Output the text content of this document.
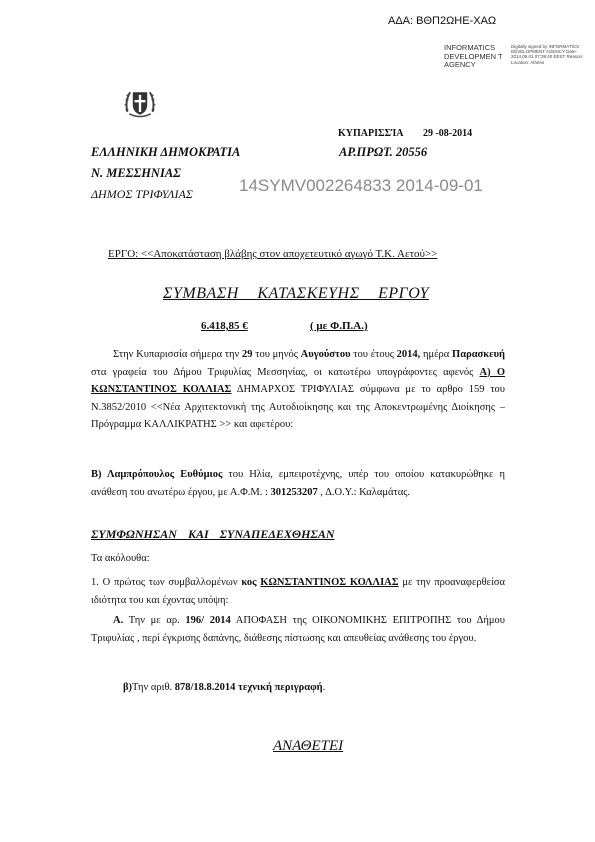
ΑΔΑ: ΒΘΠ2ΩΗΕ-ΧΑΩ
INFORMATICS DEVELOPMEN T AGENCY
Digitally signed by INFORMATICS DEVELOPMENT AGENCY Date: 2014.09.01 07:39:40 EEST Reason: Location: Athens
ΚΥΠΑΡΙΣΣΊΑ        29 -08-2014
ΕΛΛΗΝΙΚΗ ΔΗΜΟΚΡΑΤΙΑ	ΑΡ.ΠΡΩΤ. 20556
Ν. ΜΕΣΣΗΝΙΑΣ
ΔΗΜΟΣ ΤΡΙΦΥΛΙΑΣ	14SYMV002264833 2014-09-01
ΕΡΓΟ: <<Αποκατάσταση βλάβης στον αποχετευτικό αγωγό Τ.Κ. Αετού>>
ΣΥΜΒΑΣΗ ΚΑΤΑΣΚΕΥΗΣ ΕΡΓΟΥ
6.418,85 €	( με Φ.Π.Α.)

Στην Κυπαρισσία σήμερα την 29 του μηνός Αυγούστου του έτους 2014, ημέρα Παρασκευή στα γραφεία του Δήμου Τριφυλίας Μεσσηνίας, οι κατωτέρω υπογράφοντες αφενός Α) Ο ΚΩΝΣΤΑΝΤΙΝΟΣ ΚΟΛΛΙΑΣ ΔΗΜΑΡΧΟΣ ΤΡΙΦΥΛΙΑΣ σύμφωνα με το αρθρο 159 του Ν.3852/2010 <<Νέα Αρχιτεκτονική της Αυτοδιοίκησης και της Αποκεντρωμένης Διοίκησης –Πρόγραμμα ΚΑΛΛΙΚΡΑΤΗΣ >> και αφετέρου:

Β) Λαμπρόπουλος Ευθύμιος του Ηλία, εμπειροτέχνης, υπέρ του οποίου κατακυρώθηκε η ανάθεση του ανωτέρω έργου, με Α.Φ.Μ. : 301253207 , Δ.Ο.Υ.: Καλαμάτας.

ΣΥΜΦΩΝΗΣΑΝ ΚΑΙ ΣΥΝΑΠΕΔΕΧΘΗΣΑΝ
Τα ακόλουθα:

1. Ο πρώτος των συμβαλλομένων κος ΚΩΝΣΤΑΝΤΙΝΟΣ ΚΟΛΛΙΑΣ με την προαναφερθείσα ιδιότητα του και έχοντας υπόψη:

Α. Την με αρ. 196/ 2014 ΑΠΟΦΑΣΗ της ΟΙΚΟΝΟΜΙΚΗΣ ΕΠΙΤΡΟΠΗΣ του Δήμου Τριφυλίας , περί έγκρισης δαπάνης, διάθεσης πίστωσης και απευθείας ανάθεσης του έργου.

β)Την αριθ. 878/18.8.2014 τεχνική περιγραφή.
ΑΝΑΘΕΤΕΙ
